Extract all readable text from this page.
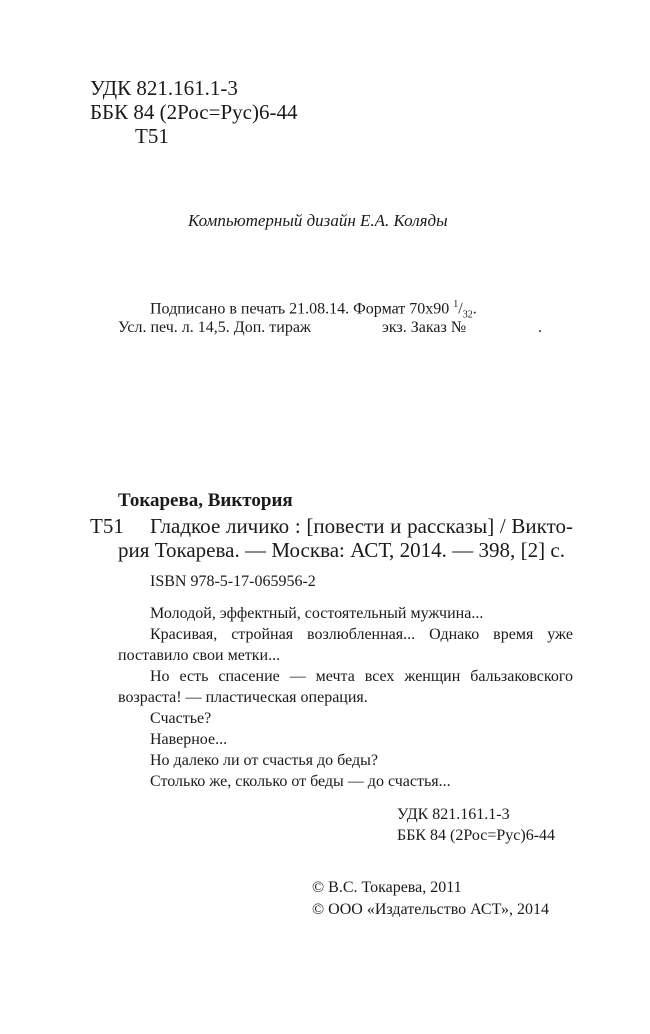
УДК 821.161.1-3
ББК 84 (2Рос=Рус)6-44
Т51
Компьютерный дизайн Е.А. Коляды
Подписано в печать 21.08.14. Формат 70х90 $^1/_{32}$.
Усл. печ. л. 14,5. Доп. тираж	экз. Заказ №	.
Токарева, Виктория
Т51 Гладкое личико : [повести и рассказы] / Викто-
рия Токарева. — Москва: АСТ, 2014. — 398, [2] с.
ISBN 978-5-17-065956-2
Молодой, эффектный, состоятельный мужчина...
Красивая, стройная возлюбленная... Однако время уже
поставило свои метки...
Но есть спасение — мечта всех женщин бальзаковского
возраста! — пластическая операция.
Счастье?
Наверное...
Но далеко ли от счастья до беды?
Столько же, сколько от беды — до счастья...
УДК 821.161.1-3
ББК 84 (2Рос=Рус)6-44
© В.С. Токарева, 2011
© ООО «Издательство АСТ», 2014
